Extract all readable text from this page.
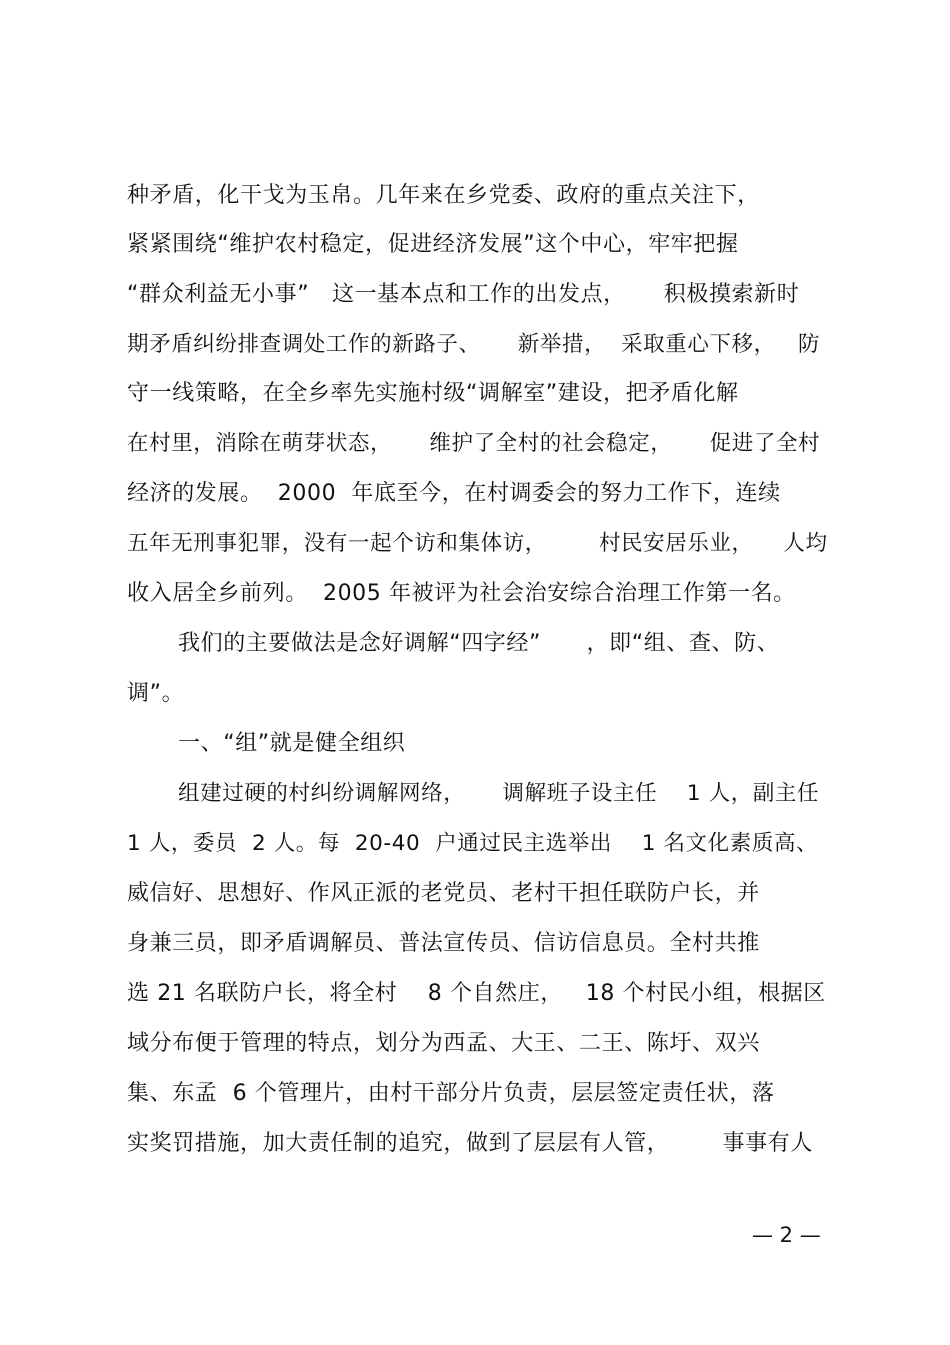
种矛盾，化干戈为玉帛。几年来在乡党委、政府的重点关注下，
紧紧围绕“维护农村稳定，促进经济发展”这个中心，牢牢把握
“群众利益无小事”   这一基本点和工作的出发点，     积极摸索新时
期矛盾纠纷排查调处工作的新路子、     新举措，  采取重心下移，   防
守一线策略，在全乡率先实施村级“调解室”建设，把矛盾化解
在村里，消除在萌芽状态，     维护了全村的社会稳定，     促进了全村
经济的发展。  2000  年底至今，在村调委会的努力工作下，连续
五年无刑事犯罪，没有一起个访和集体访，       村民安居乐业，    人均
收入居全乡前列。  2005 年被评为社会治安综合治理工作第一名。
我们的主要做法是念好调解“四字经”      ，即“组、查、防、
调”。
一、“组”就是健全组织
组建过硬的村纠纷调解网络，     调解班子设主任    1 人，副主任
1 人，委员  2 人。每  20-40  户通过民主选举出    1 名文化素质高、
威信好、思想好、作风正派的老党员、老村干担任联防户长，并
身兼三员，即矛盾调解员、普法宣传员、信访信息员。全村共推
选 21 名联防户长，将全村    8 个自然庄，   18 个村民小组，根据区
域分布便于管理的特点，划分为西孟、大王、二王、陈圩、双兴
集、东孟  6 个管理片，由村干部分片负责，层层签定责任状，落
实奖罚措施，加大责任制的追究，做到了层层有人管，       事事有人
— 2 —
